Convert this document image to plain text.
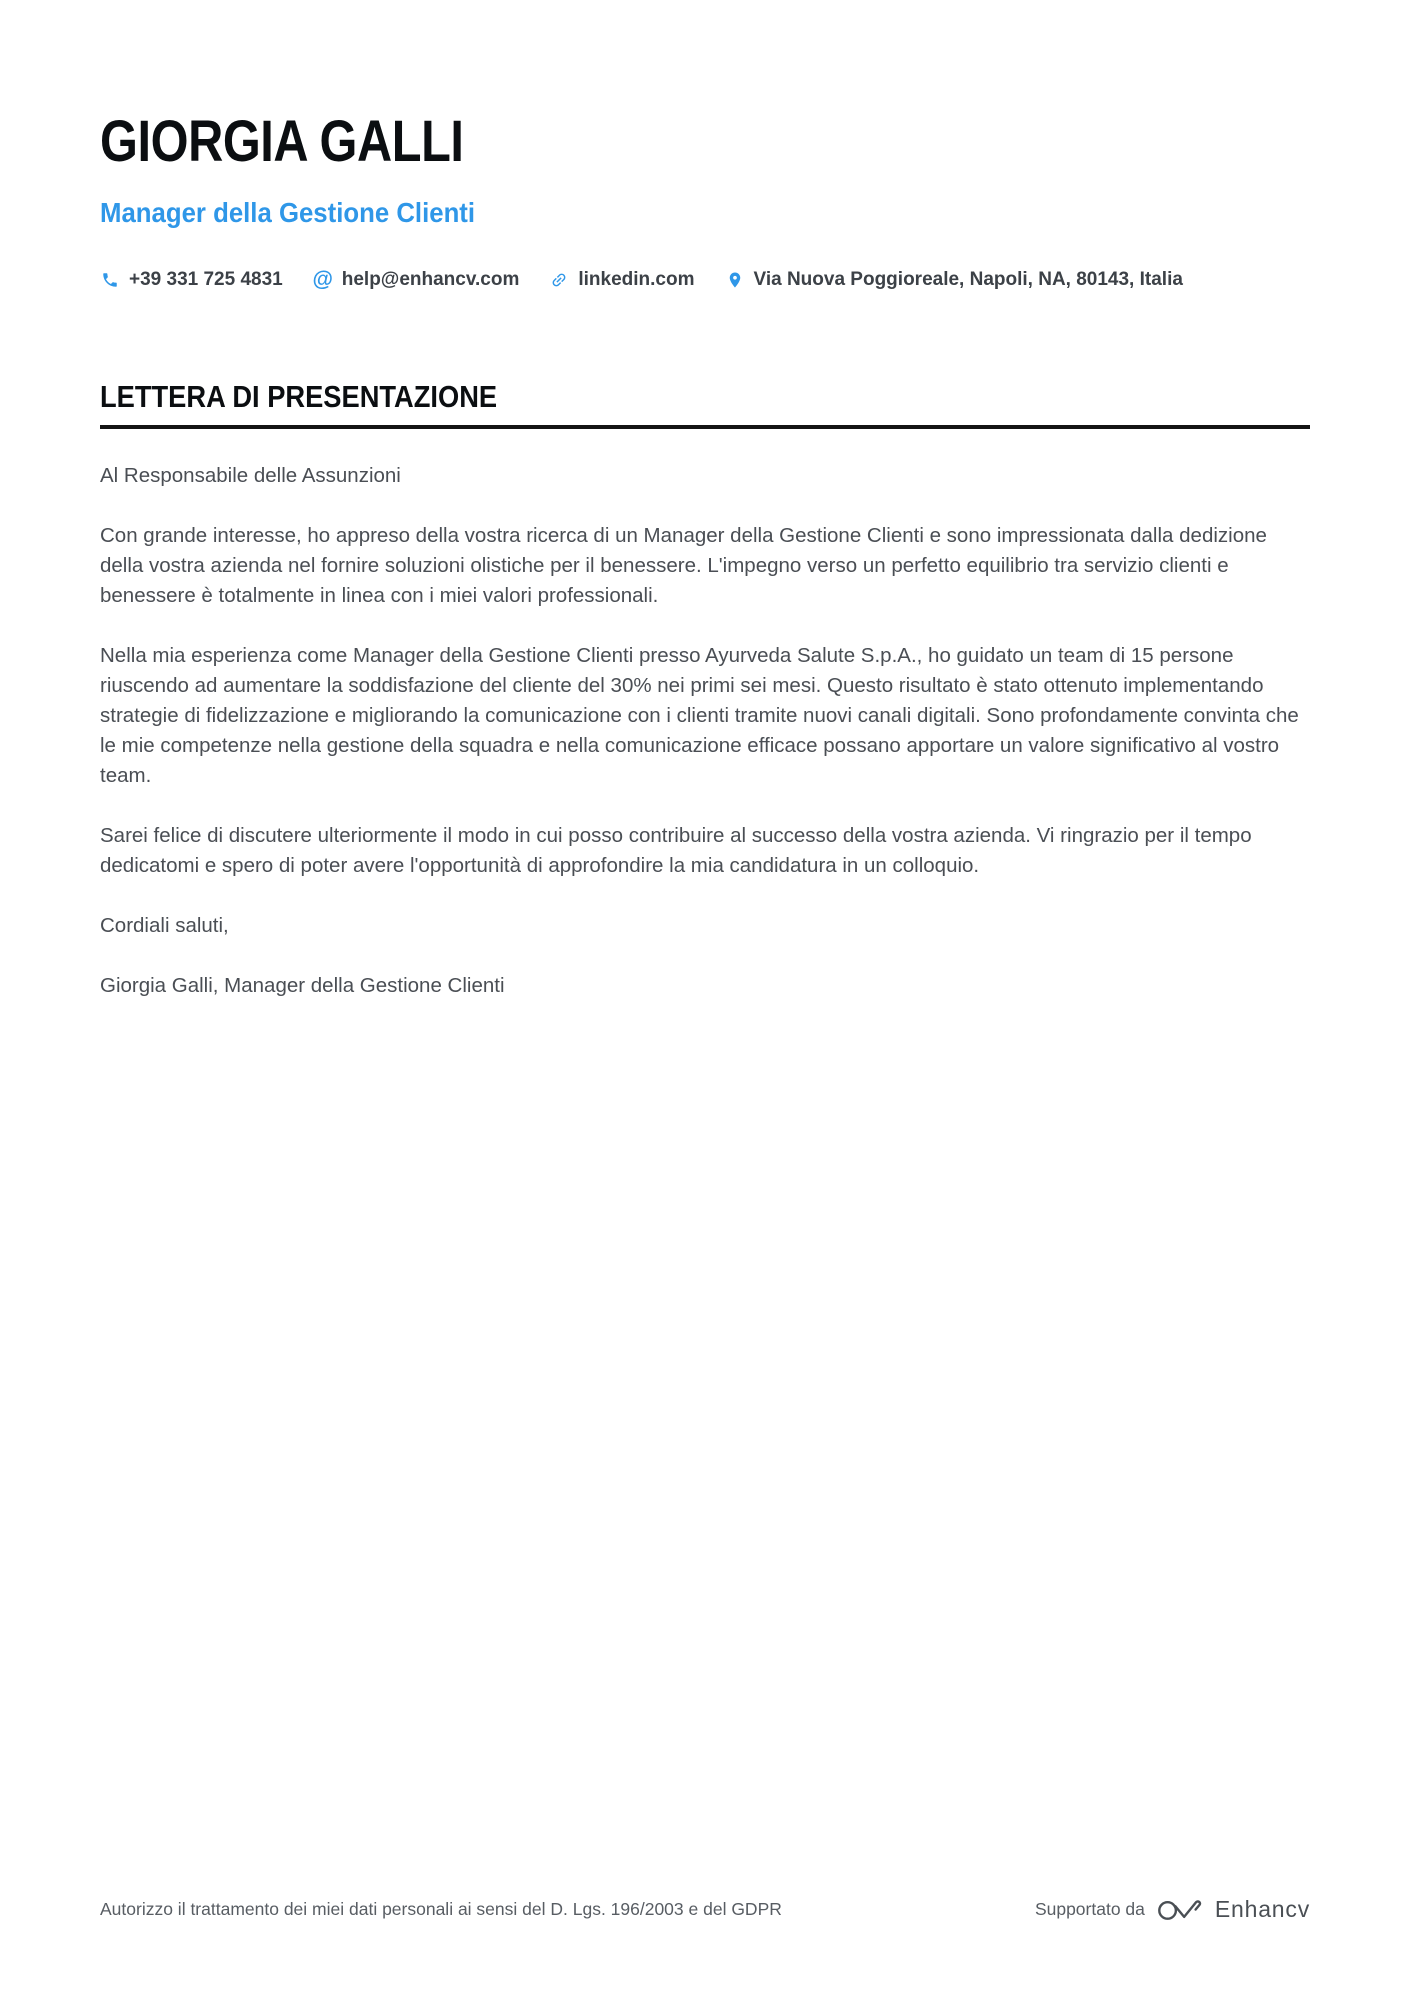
GIORGIA GALLI
Manager della Gestione Clienti
+39 331 725 4831 @ help@enhancv.com	linkedin.com	Via Nuova Poggioreale, Napoli, NA, 80143, Italia
LETTERA DI PRESENTAZIONE

Al Responsabile delle Assunzioni

Con grande interesse, ho appreso della vostra ricerca di un Manager della Gestione Clienti e sono impressionata dalla dedizione della vostra azienda nel fornire soluzioni olistiche per il benessere. L'impegno verso un perfetto equilibrio tra servizio clienti e benessere è totalmente in linea con i miei valori professionali.

Nella mia esperienza come Manager della Gestione Clienti presso Ayurveda Salute S.p.A., ho guidato un team di 15 persone riuscendo ad aumentare la soddisfazione del cliente del 30% nei primi sei mesi. Questo risultato è stato ottenuto implementando strategie di fidelizzazione e migliorando la comunicazione con i clienti tramite nuovi canali digitali. Sono profondamente convinta che le mie competenze nella gestione della squadra e nella comunicazione efficace possano apportare un valore significativo al vostro team.

Sarei felice di discutere ulteriormente il modo in cui posso contribuire al successo della vostra azienda. Vi ringrazio per il tempo dedicatomi e spero di poter avere l'opportunità di approfondire la mia candidatura in un colloquio.

Cordiali saluti,

Giorgia Galli, Manager della Gestione Clienti

Autorizzo il trattamento dei miei dati personali ai sensi del D. Lgs. 196/2003 e del GDPR	Supportato da	Enhancv
